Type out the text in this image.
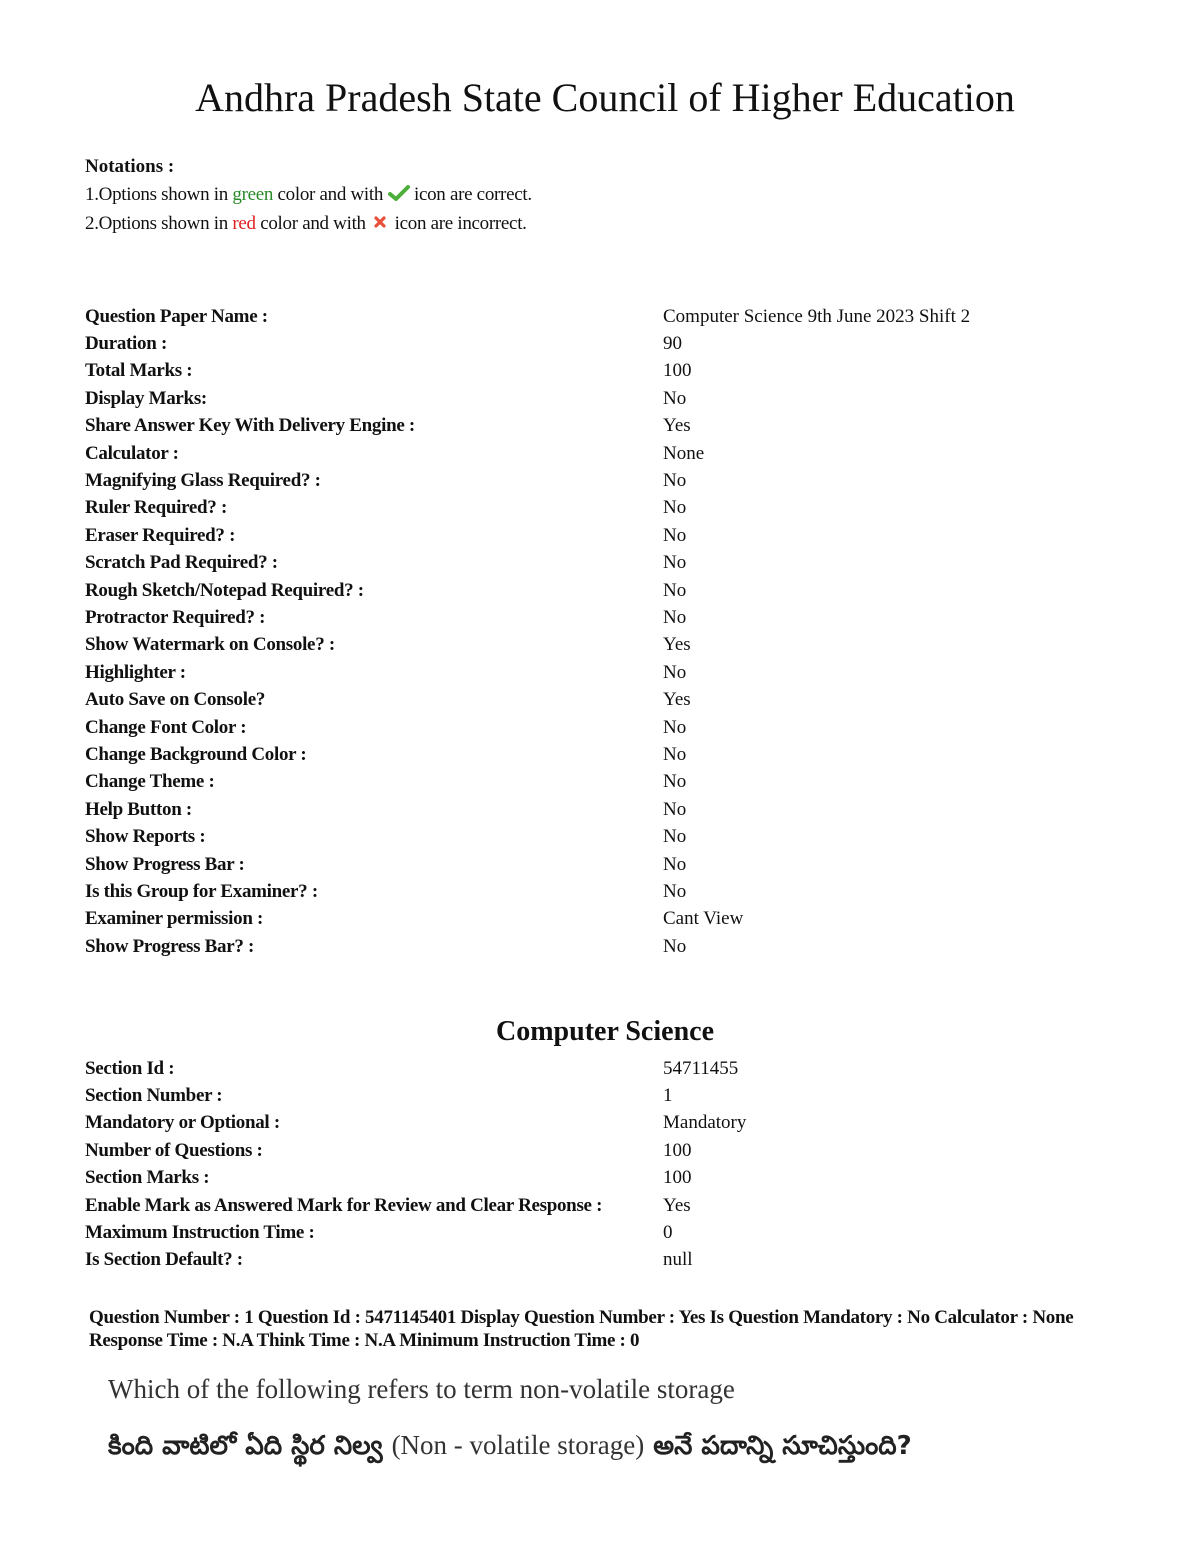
Andhra Pradesh State Council of Higher Education
Notations :
1.Options shown in green color and with  icon are correct.
2.Options shown in red color and with  icon are incorrect.
Question Paper Name :	Computer Science 9th June 2023 Shift 2
Duration :	90
Total Marks :	100
Display Marks:	No
Share Answer Key With Delivery Engine :	Yes
Calculator :	None
Magnifying Glass Required? :	No
Ruler Required? :	No
Eraser Required? :	No
Scratch Pad Required? :	No
Rough Sketch/Notepad Required? :	No
Protractor Required? :	No
Show Watermark on Console? :	Yes
Highlighter :	No
Auto Save on Console?	Yes
Change Font Color :	No
Change Background Color :	No
Change Theme :	No
Help Button :	No
Show Reports :	No
Show Progress Bar :	No
Is this Group for Examiner? :	No
Examiner permission :	Cant View
Show Progress Bar? :	No
Computer Science
Section Id :	54711455
Section Number :	1
Mandatory or Optional :	Mandatory
Number of Questions :	100
Section Marks :	100
Enable Mark as Answered Mark for Review and Clear Response :	Yes
Maximum Instruction Time :	0
Is Section Default? :	null
Question Number : 1 Question Id : 5471145401 Display Question Number : Yes Is Question Mandatory : No Calculator : None Response Time : N.A Think Time : N.A Minimum Instruction Time : 0
Which of the following refers to term non-volatile storage
కింది వాటిలో ఏది స్థిర నిల్వ (Non - volatile storage) అనే పదాన్ని సూచిస్తుంది?
